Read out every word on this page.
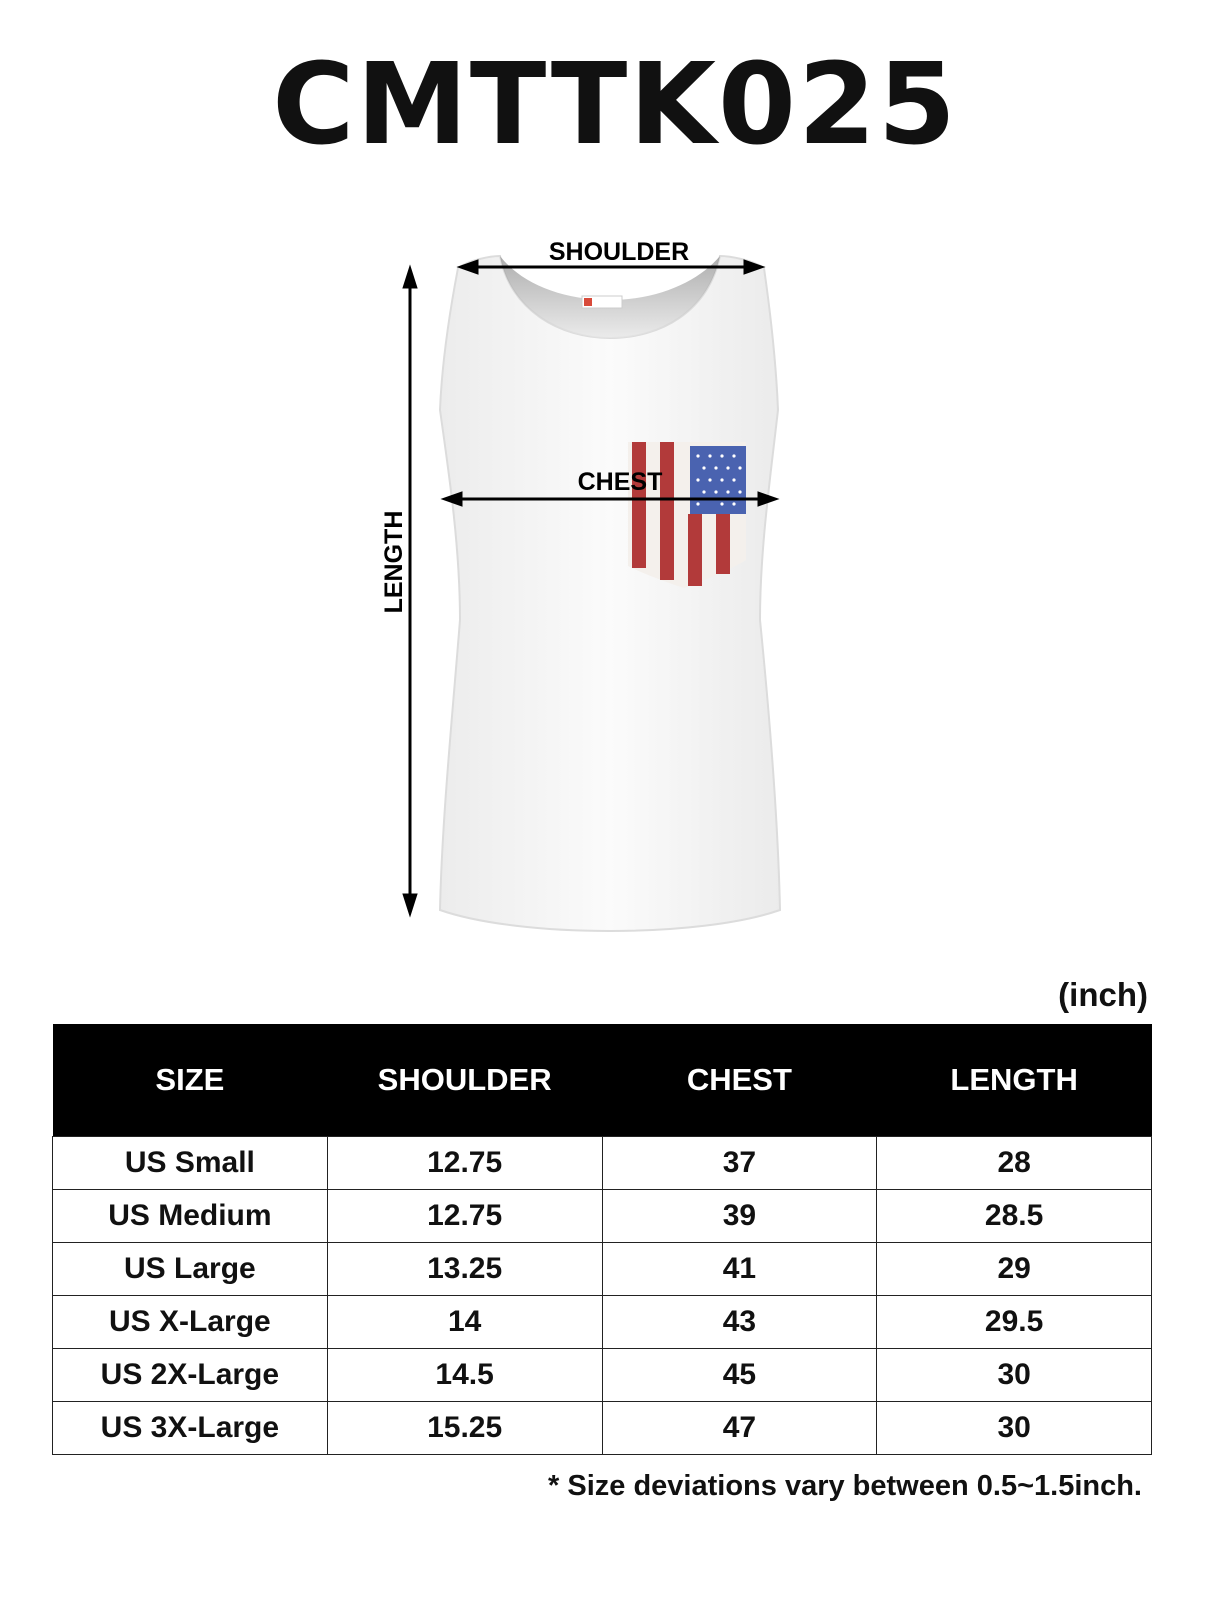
CMTTK025
SHOULDER
CHEST
LENGTH
(inch)
SIZE	SHOULDER	CHEST	LENGTH
US Small	12.75	37	28
US Medium	12.75	39	28.5
US Large	13.25	41	29
US X-Large	14	43	29.5
US 2X-Large	14.5	45	30
US 3X-Large	15.25	47	30
* Size deviations vary between 0.5~1.5inch.
